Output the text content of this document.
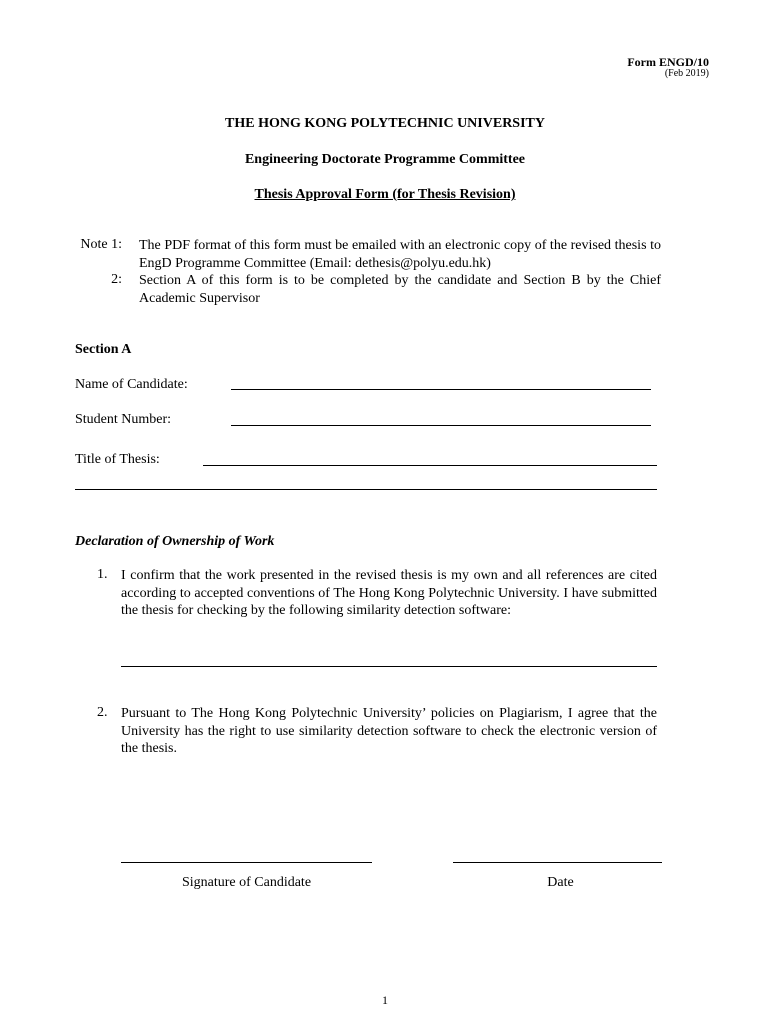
Form ENGD/10
(Feb 2019)
THE HONG KONG POLYTECHNIC UNIVERSITY
Engineering Doctorate Programme Committee
Thesis Approval Form (for Thesis Revision)
Note 1: The PDF format of this form must be emailed with an electronic copy of the revised thesis to EngD Programme Committee (Email: dethesis@polyu.edu.hk)
2: Section A of this form is to be completed by the candidate and Section B by the Chief Academic Supervisor
Section A
Name of Candidate:
Student Number:
Title of Thesis:
Declaration of Ownership of Work
1. I confirm that the work presented in the revised thesis is my own and all references are cited according to accepted conventions of The Hong Kong Polytechnic University. I have submitted the thesis for checking by the following similarity detection software:
2. Pursuant to The Hong Kong Polytechnic University’ policies on Plagiarism, I agree that the University has the right to use similarity detection software to check the electronic version of the thesis.
Signature of Candidate	Date
1
